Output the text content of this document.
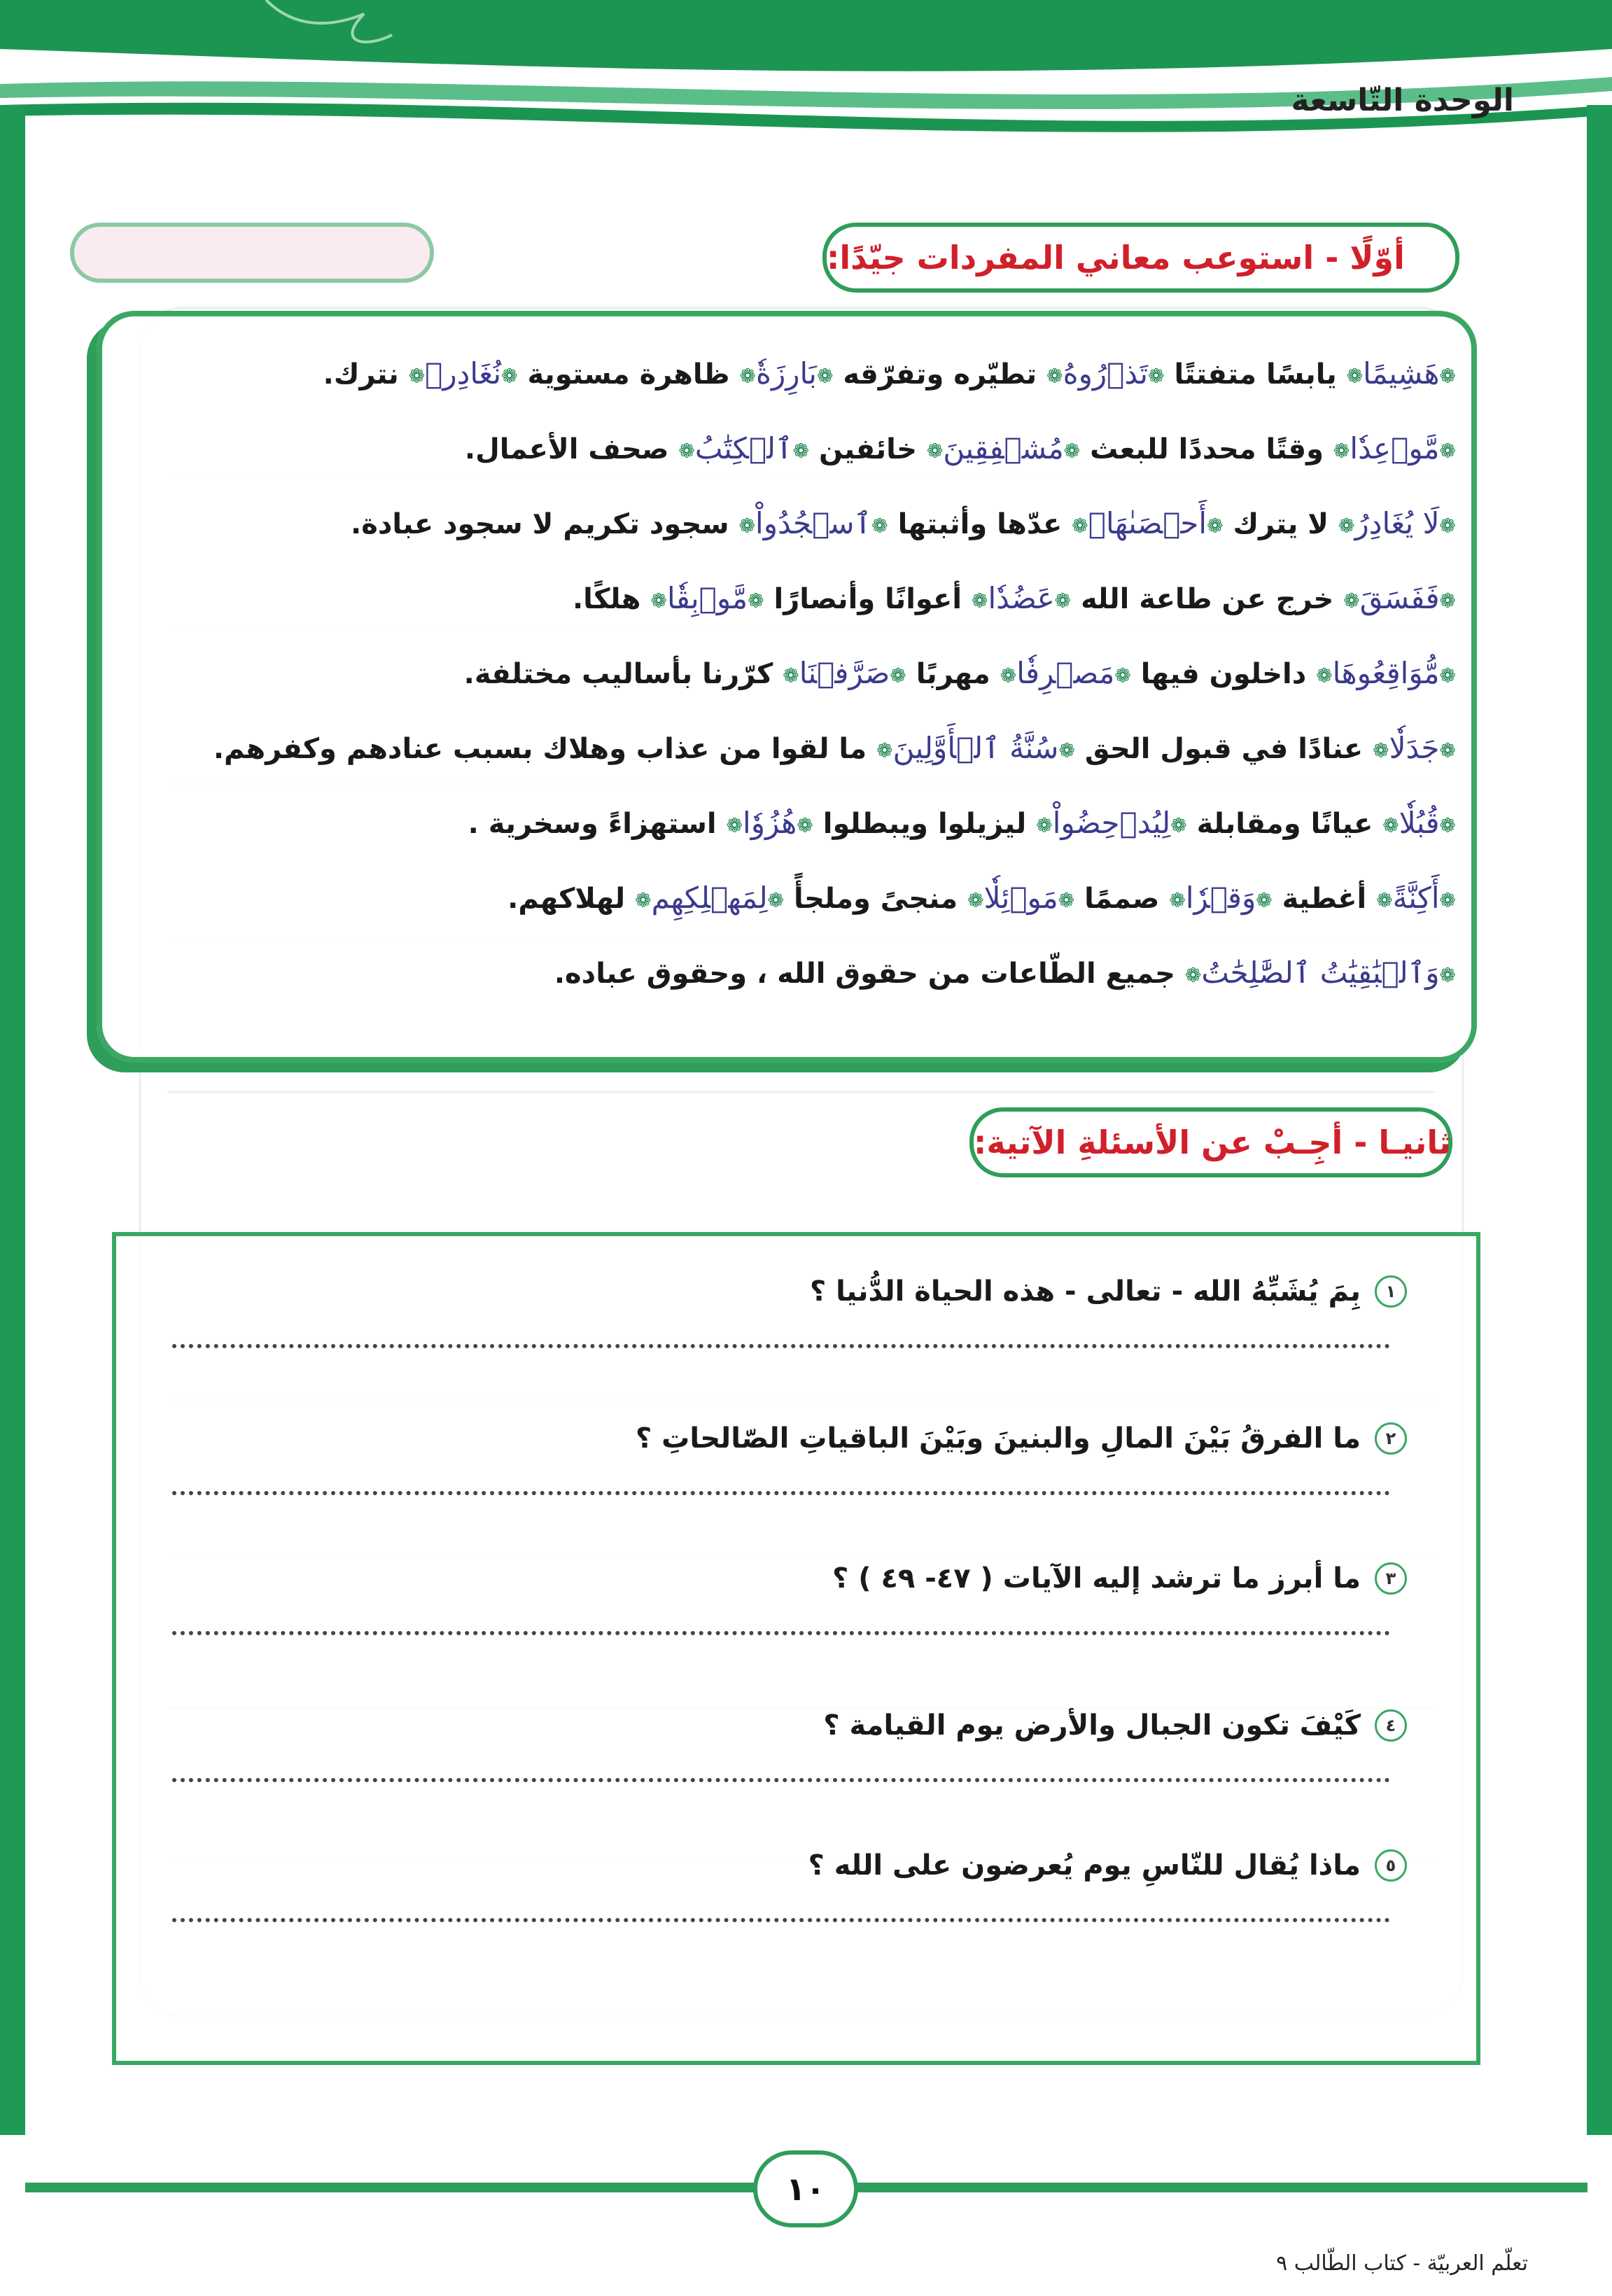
الوحدة التّاسعة
أوّلًا - استوعب معاني المفردات جيّدًا:
❁هَشِيمًا❁ يابسًا متفتتًا ❁تَذۡرُوهُ❁ تطيّره وتفرّقه ❁بَارِزَةٗ❁ ظاهرة مستوية ❁نُغَادِرۡ❁ نترك.
❁مَّوۡعِدٗا❁ وقتًا محددًا للبعث ❁مُشۡفِقِينَ❁ خائفين ❁ٱلۡكِتَٰبُ❁ صحف الأعمال.
❁لَا يُغَادِرُ❁ لا يترك ❁أَحۡصَىٰهَاۚ❁ عدّها وأثبتها ❁ٱسۡجُدُواْ❁ سجود تكريم لا سجود عبادة.
❁فَفَسَقَ❁ خرج عن طاعة الله ❁عَضُدٗا❁ أعوانًا وأنصارًا ❁مَّوۡبِقٗا❁ هلكًا.
❁مُّوَاقِعُوهَا❁ داخلون فيها ❁مَصۡرِفٗا❁ مهربًا ❁صَرَّفۡنَا❁ كرّرنا بأساليب مختلفة.
❁جَدَلٗا❁ عنادًا في قبول الحق ❁سُنَّةُ ٱلۡأَوَّلِينَ❁ ما لقوا من عذاب وهلاك بسبب عنادهم وكفرهم.
❁قُبُلٗا❁ عيانًا ومقابلة ❁لِيُدۡحِضُواْ❁ ليزيلوا ويبطلوا ❁هُزُوٗا❁ استهزاءً وسخرية .
❁أَكِنَّةً❁ أغطية ❁وَقۡرٗا❁ صممًا ❁مَوۡئِلٗا❁ منجىً وملجأً ❁لِمَهۡلِكِهِم❁ لهلاكهم.
❁وَٱلۡبَٰقِيَٰتُ ٱلصَّٰلِحَٰتُ❁ جميع الطّاعات من حقوق الله ، وحقوق عباده.
ثانيـا - أجِـبْ عن الأسئلةِ الآتية:
١
بِمَ يُشَبِّهُ الله - تعالى - هذه الحياة الدُّنيا ؟
٢
ما الفرقُ بَيْنَ المالِ والبنينَ وبَيْنَ الباقياتِ الصّالحاتِ ؟
٣
ما أبرز ما ترشد إليه الآيات ( ٤٧- ٤٩ ) ؟
٤
كَيْفَ تكون الجبال والأرض يوم القيامة ؟
٥
ماذا يُقال للنّاسِ يوم يُعرضون على الله ؟
١٠
تعلّم العربيّة - كتاب الطّالب ٩
